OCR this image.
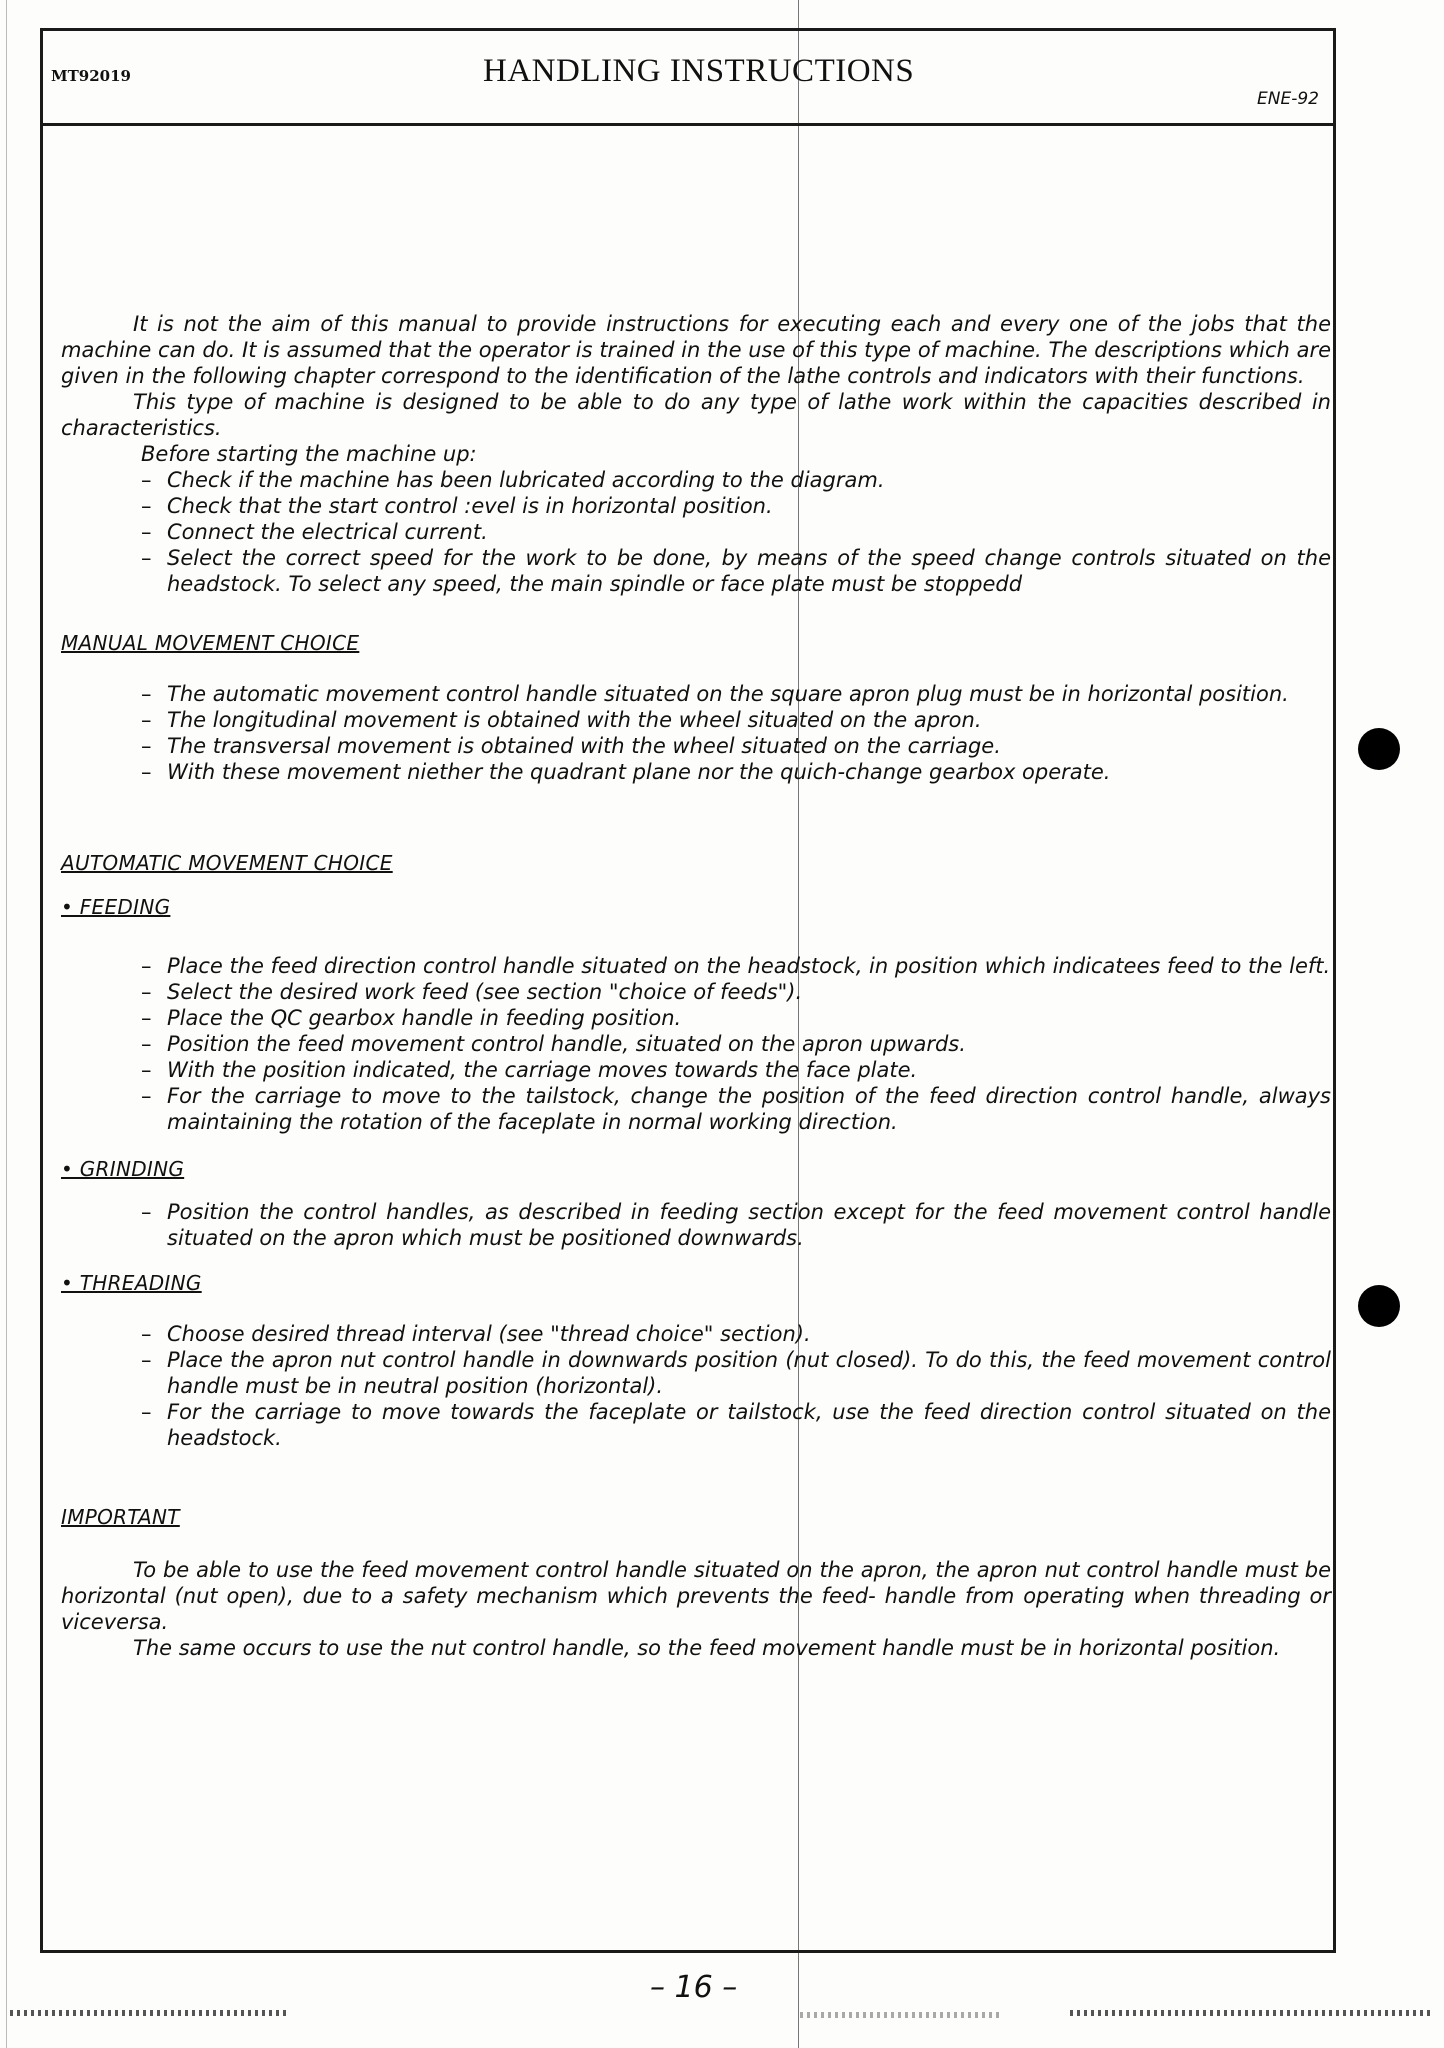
MT92019	HANDLING INSTRUCTIONS
ENE-92

It is not the aim of this manual to provide instructions for executing each and every one of the jobs that the machine can do. It is assumed that the operator is trained in the use of this type of machine. The descriptions which are given in the following chapter correspond to the identification of the lathe controls and indicators with their functions.

This type of machine is designed to be able to do any type of lathe work within the capacities described in characteristics.

Before starting the machine up:

– Check if the machine has been lubricated according to the diagram.
– Check that the start control :evel is in horizontal position.
– Connect the electrical current.
– Select the correct speed for the work to be done, by means of the speed change controls situated on the headstock. To select any speed, the main spindle or face plate must be stoppedd

MANUAL MOVEMENT CHOICE

– The automatic movement control handle situated on the square apron plug must be in horizontal position.
– The longitudinal movement is obtained with the wheel situated on the apron.
– The transversal movement is obtained with the wheel situated on the carriage.
– With these movement niether the quadrant plane nor the quich-change gearbox operate.

AUTOMATIC MOVEMENT CHOICE

• FEEDING

– Place the feed direction control handle situated on the headstock, in position which indicatees feed to the left.
– Select the desired work feed (see section "choice of feeds").
– Place the QC gearbox handle in feeding position.
– Position the feed movement control handle, situated on the apron upwards.
– With the position indicated, the carriage moves towards the face plate.
– For the carriage to move to the tailstock, change the position of the feed direction control handle, always maintaining the rotation of the faceplate in normal working direction.

• GRINDING

– Position the control handles, as described in feeding section except for the feed movement control handle situated on the apron which must be positioned downwards.

• THREADING

– Choose desired thread interval (see "thread choice" section).
– Place the apron nut control handle in downwards position (nut closed). To do this, the feed movement control handle must be in neutral position (horizontal).
– For the carriage to move towards the faceplate or tailstock, use the feed direction control situated on the headstock.

IMPORTANT

To be able to use the feed movement control handle situated on the apron, the apron nut control handle must be horizontal (nut open), due to a safety mechanism which prevents the feed- handle from operating when threading or viceversa.

The same occurs to use the nut control handle, so the feed movement handle must be in horizontal position.

– 16 –
